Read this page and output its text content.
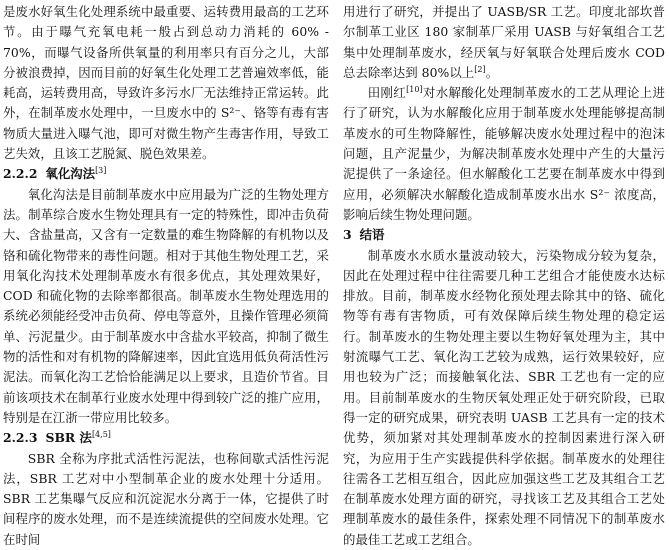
是废水好氧生化处理系统中最重要、运转费用最高的工艺环节。由于曝气充氧电耗一般占到总动力消耗的 60% - 70%，而曝气设备所供氧量的利用率只有百分之儿，大部分被浪费掉，因而目前的好氧生化处理工艺普遍效率低，能耗高，运转费用高，导致许多污水厂无法维持正常运转。此外，在制革废水处理中，一旦废水中的 S²⁻、铬等有毒有害物质大量进入曝气池，即可对微生物产生毒害作用，导致工艺失效，且该工艺脱氮、脱色效果差。

2.2.2 氧化沟法[3]

氧化沟法是目前制革废水中应用最为广泛的生物处理方法。制革综合废水生物处理具有一定的特殊性，即冲击负荷大、含盐量高，又含有一定数量的难生物降解的有机物以及铬和硫化物带来的毒性问题。相对于其他生物处理工艺，采用氧化沟技术处理制革废水有很多优点，其处理效果好，COD 和硫化物的去除率都很高。制革废水生物处理选用的系统必须能经受冲击负荷、停电等意外，且操作管理必须简单、污泥量少。由于制革废水中含盐水平较高，抑制了微生物的活性和对有机物的降解速率，因此宜选用低负荷活性污泥法。而氧化沟工艺恰恰能满足以上要求，且造价节省。目前该项技术在制革行业废水处理中得到较广泛的推广应用，特别是在江浙一带应用比较多。

2.2.3 SBR 法[4,5]

SBR 全称为序批式活性污泥法，也称间歇式活性污泥法，SBR 工艺对中小型制革企业的废水处理十分适用。SBR 工艺集曝气反应和沉淀泥水分离于一体，它提供了时间程序的废水处理，而不是连续流提供的空间废水处理。它在时间

用进行了研究，并提出了 UASB/SR 工艺。印度北部坎普尔制革工业区 180 家制革厂采用 UASB 与好氧组合工艺集中处理制革废水，经厌氧与好氧联合处理后废水 COD 总去除率达到 80%以上[2]。

田刚红[10]对水解酸化处理制革废水的工艺从理论上进行了研究，认为水解酸化应用于制革废水处理能够提高制革废水的可生物降解性，能够解决废水处理过程中的泡沫问题，且产泥量少，为解决制革废水处理中产生的大量污泥提供了一条途径。但水解酸化工艺要在制革废水中得到应用，必须解决水解酸化造成制革废水出水 S²⁻ 浓度高，影响后续生物处理问题。

3 结语

制革废水水质水量波动较大，污染物成分较为复杂，因此在处理过程中往往需要几种工艺组合才能使废水达标排放。目前，制革废水经物化预处理去除其中的铬、硫化物等有毒有害物质，可有效保障后续生物处理的稳定运行。制革废水的生物处理主要以生物好氧处理为主，其中射流曝气工艺、氧化沟工艺较为成熟，运行效果较好，应用也较为广泛；而接触氧化法、SBR 工艺也有一定的应用。目前制革废水的生物厌氧处理正处于研究阶段，已取得一定的研究成果，研究表明 UASB 工艺具有一定的技术优势，须加紧对其处理制革废水的控制因素进行深入研究，为应用于生产实践提供科学依据。制革废水的处理往往需各工艺相互组合，因此应加强这些工艺及其组合工艺在制革废水处理方面的研究，寻找该工艺及其组合工艺处理制革废水的最佳条件，探索处理不同情况下的制革废水的最佳工艺或工艺组合。
